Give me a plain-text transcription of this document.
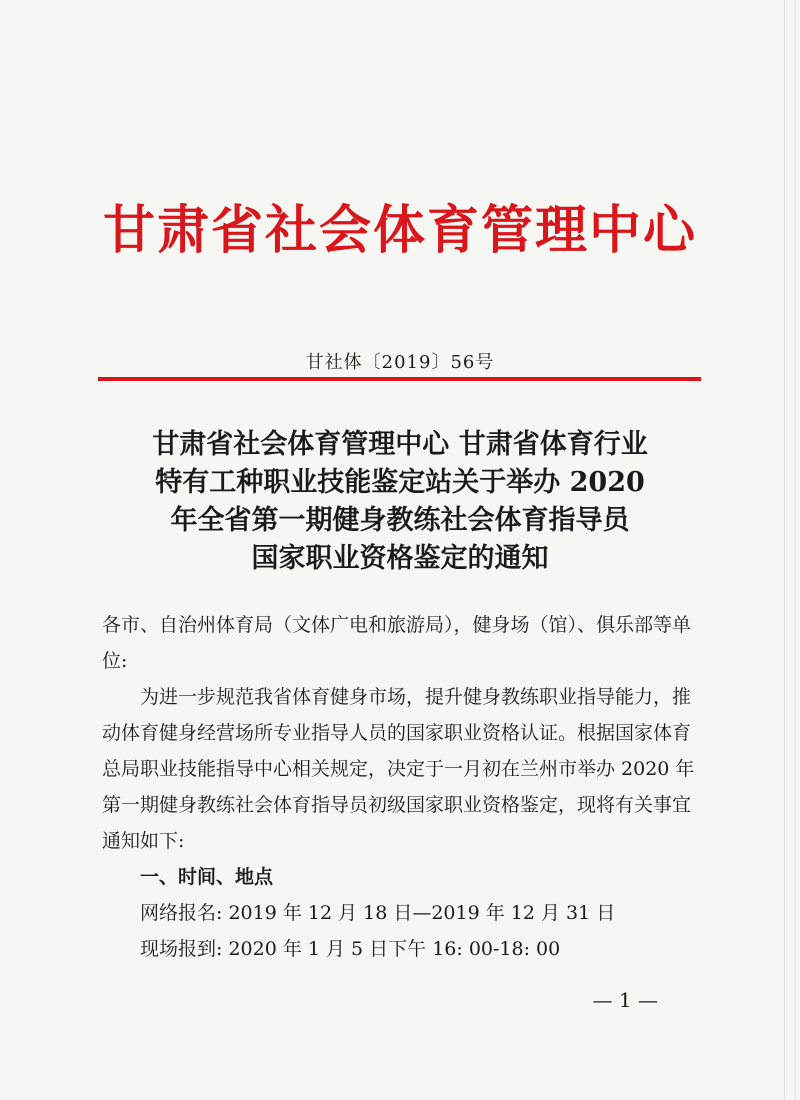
甘肃省社会体育管理中心
甘社体〔2019〕56号
甘肃省社会体育管理中心 甘肃省体育行业
特有工种职业技能鉴定站关于举办 2020
年全省第一期健身教练社会体育指导员
国家职业资格鉴定的通知

各市、自治州体育局（文体广电和旅游局），健身场（馆）、俱乐部等单位:

为进一步规范我省体育健身市场，提升健身教练职业指导能力，推动体育健身经营场所专业指导人员的国家职业资格认证。根据国家体育总局职业技能指导中心相关规定，决定于一月初在兰州市举办 2020 年第一期健身教练社会体育指导员初级国家职业资格鉴定，现将有关事宜通知如下:

一、时间、地点

网络报名: 2019 年 12 月 18 日—2019 年 12 月 31 日

现场报到: 2020 年 1 月 5 日下午 16: 00-18: 00

— 1 —
